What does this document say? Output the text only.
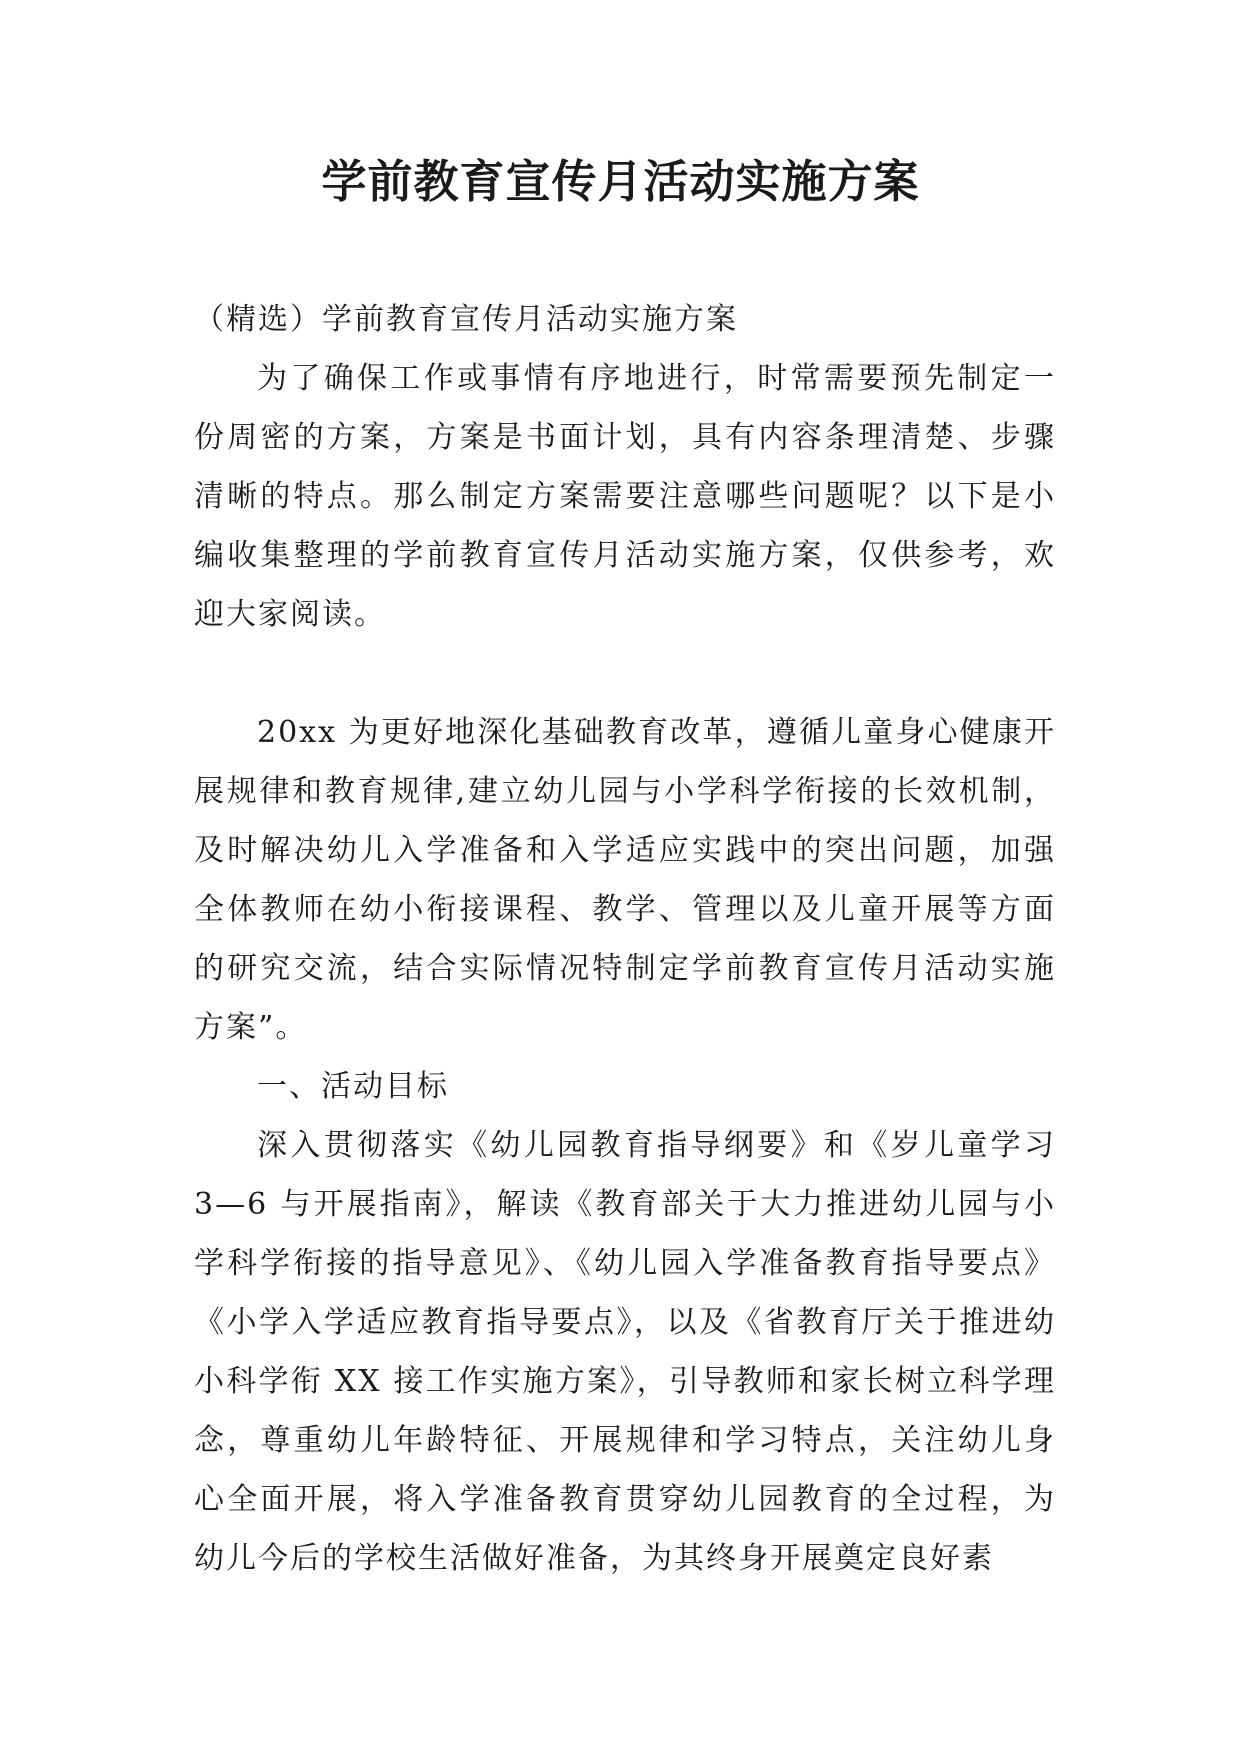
学前教育宣传月活动实施方案

（精选）学前教育宣传月活动实施方案

为了确保工作或事情有序地进行，时常需要预先制定一份周密的方案，方案是书面计划，具有内容条理清楚、步骤清晰的特点。那么制定方案需要注意哪些问题呢？以下是小编收集整理的学前教育宣传月活动实施方案，仅供参考，欢迎大家阅读。

20xx 为更好地深化基础教育改革，遵循儿童身心健康开展规律和教育规律,建立幼儿园与小学科学衔接的长效机制，及时解决幼儿入学准备和入学适应实践中的突出问题，加强全体教师在幼小衔接课程、教学、管理以及儿童开展等方面的研究交流，结合实际情况特制定学前教育宣传月活动实施方案”。

一、活动目标

深入贯彻落实《幼儿园教育指导纲要》和《岁儿童学习 3—6 与开展指南》，解读《教育部关于大力推进幼儿园与小学科学衔接的指导意见》、《幼儿园入学准备教育指导要点》《小学入学适应教育指导要点》，以及《省教育厅关于推进幼小科学衔 XX 接工作实施方案》，引导教师和家长树立科学理念，尊重幼儿年龄特征、开展规律和学习特点，关注幼儿身心全面开展，将入学准备教育贯穿幼儿园教育的全过程，为幼儿今后的学校生活做好准备，为其终身开展奠定良好素
